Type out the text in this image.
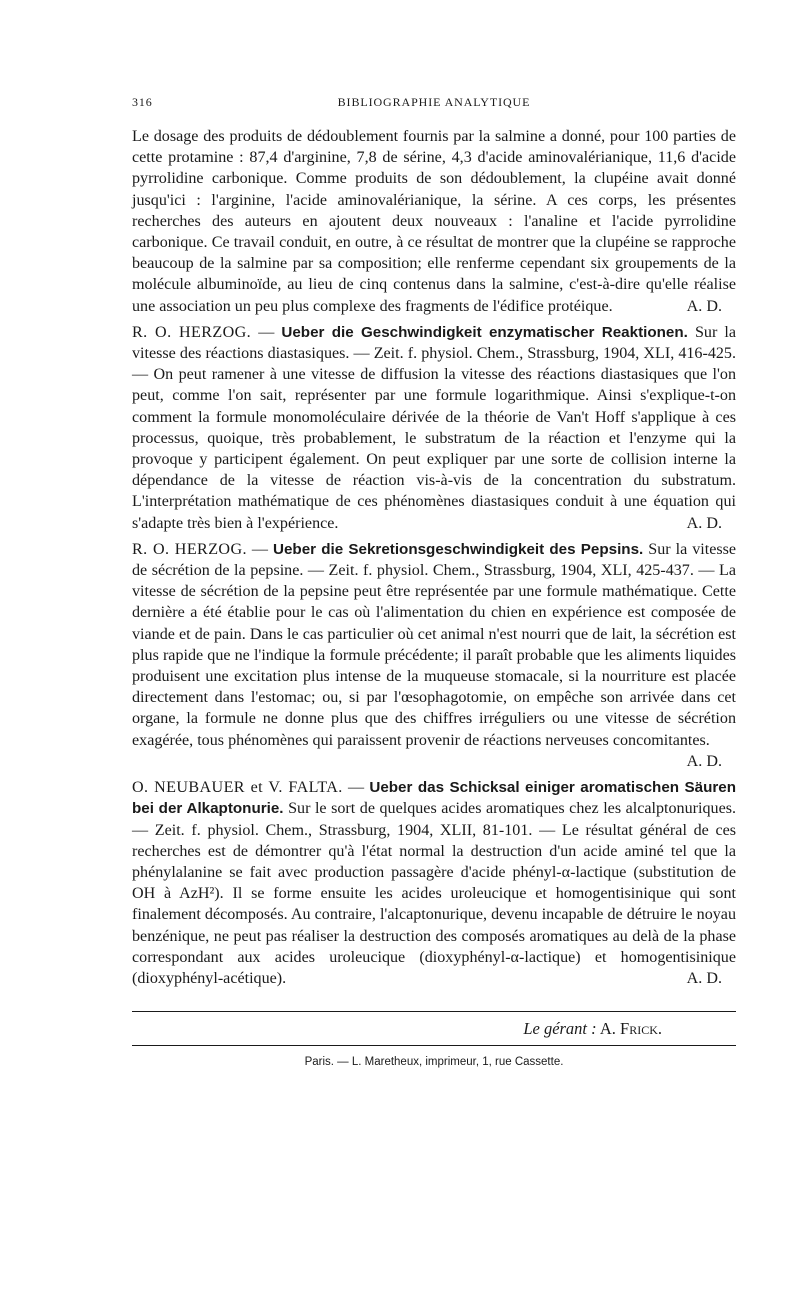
316	BIBLIOGRAPHIE ANALYTIQUE

Le dosage des produits de dédoublement fournis par la salmine a donné, pour 100 parties de cette protamine : 87,4 d'arginine, 7,8 de sérine, 4,3 d'acide aminovalérianique, 11,6 d'acide pyrrolidine carbonique. Comme produits de son dédoublement, la clupéine avait donné jusqu'ici : l'arginine, l'acide aminovalérianique, la sérine. A ces corps, les présentes recherches des auteurs en ajoutent deux nouveaux : l'analine et l'acide pyrrolidine carbonique. Ce travail conduit, en outre, à ce résultat de montrer que la clupéine se rapproche beaucoup de la salmine par sa composition; elle renferme cependant six groupements de la molécule albuminoïde, au lieu de cinq contenus dans la salmine, c'est-à-dire qu'elle réalise une association un peu plus complexe des fragments de l'édifice protéique.	A. D.

R. O. HERZOG. — Ueber die Geschwindigkeit enzymatischer Reaktionen. Sur la vitesse des réactions diastasiques. — Zeit. f. physiol. Chem., Strassburg, 1904, XLI, 416-425. — On peut ramener à une vitesse de diffusion la vitesse des réactions diastasiques que l'on peut, comme l'on sait, représenter par une formule logarithmique. Ainsi s'explique-t-on comment la formule monomoléculaire dérivée de la théorie de Van't Hoff s'applique à ces processus, quoique, très probablement, le substratum de la réaction et l'enzyme qui la provoque y participent également. On peut expliquer par une sorte de collision interne la dépendance de la vitesse de réaction vis-à-vis de la concentration du substratum. L'interprétation mathématique de ces phénomènes diastasiques conduit à une équation qui s'adapte très bien à l'expérience.	A. D.

R. O. HERZOG. — Ueber die Sekretionsgeschwindigkeit des Pepsins. Sur la vitesse de sécrétion de la pepsine. — Zeit. f. physiol. Chem., Strassburg, 1904, XLI, 425-437. — La vitesse de sécrétion de la pepsine peut être représentée par une formule mathématique. Cette dernière a été établie pour le cas où l'alimentation du chien en expérience est composée de viande et de pain. Dans le cas particulier où cet animal n'est nourri que de lait, la sécrétion est plus rapide que ne l'indique la formule précédente; il paraît probable que les aliments liquides produisent une excitation plus intense de la muqueuse stomacale, si la nourriture est placée directement dans l'estomac; ou, si par l'œsophagotomie, on empêche son arrivée dans cet organe, la formule ne donne plus que des chiffres irréguliers ou une vitesse de sécrétion exagérée, tous phénomènes qui paraissent provenir de réactions nerveuses concomitantes.
A. D.

O. NEUBAUER et V. FALTA. — Ueber das Schicksal einiger aromatischen Säuren bei der Alkaptonurie. Sur le sort de quelques acides aromatiques chez les alcalptonuriques. — Zeit. f. physiol. Chem., Strassburg, 1904, XLII, 81-101. — Le résultat général de ces recherches est de démontrer qu'à l'état normal la destruction d'un acide aminé tel que la phénylalanine se fait avec production passagère d'acide phényl-α-lactique (substitution de OH à AzH²). Il se forme ensuite les acides uroleucique et homogentisinique qui sont finalement décomposés. Au contraire, l'alcaptonurique, devenu incapable de détruire le noyau benzénique, ne peut pas réaliser la destruction des composés aromatiques au delà de la phase correspondant aux acides uroleucique (dioxyphényl-α-lactique) et homogentisinique (dioxyphényl-acétique).	A. D.

Le gérant : A. Frick.
Paris. — L. Maretheux, imprimeur, 1, rue Cassette.
